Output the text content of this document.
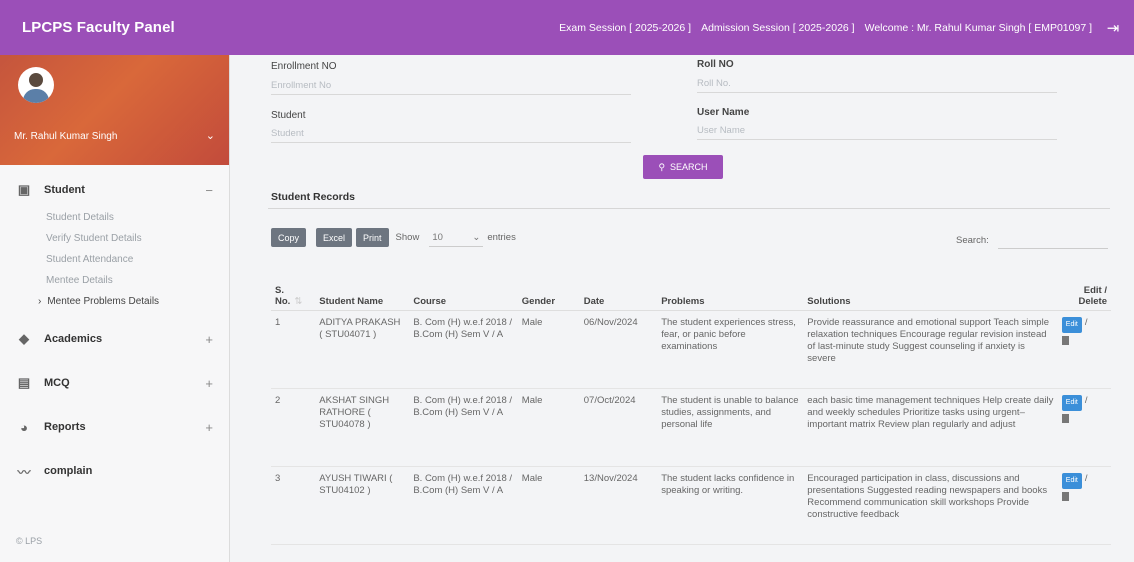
LPCPS Faculty Panel	Exam Session [ 2025-2026 ] Admission Session [ 2025-2026 ] Welcome : Mr. Rahul Kumar Singh [ EMP01097 ] ⇥
Mr. Rahul Kumar Singh	⌄
▣ Student	−
Student Details
Verify Student Details
Student Attendance
Mentee Details
› Mentee Problems Details
◆ Academics	+
▤ MCQ	+
◕	Reports	+
〰 complain
© LPS
Enrollment NO
Enrollment No
Roll NO
Roll No.
Student
Student
User Name
User Name
⚲ SEARCH
Student Records
Copy	Excel	Print	Show 10	⌄ entries	Search:
S. No. ⇅	Student Name	Course	Gender	Date	Problems	Solutions	Edit / Delete
1	ADITYA PRAKASH ( STU04071 )	B. Com (H) w.e.f 2018 / B.Com (H) Sem V / A	Male	06/Nov/2024	The student experiences stress, fear, or panic before examinations	Provide reassurance and emotional support Teach simple relaxation techniques Encourage regular revision instead of last-minute study Suggest counseling if anxiety is severe	Edit /

2	AKSHAT SINGH RATHORE ( STU04078 )	B. Com (H) w.e.f 2018 / B.Com (H) Sem V / A	Male	07/Oct/2024	The student is unable to balance studies, assignments, and personal life	each basic time management techniques Help create daily and weekly schedules Prioritize tasks using urgent–important matrix Review plan regularly and adjust	Edit /

3	AYUSH TIWARI ( STU04102 )	B. Com (H) w.e.f 2018 / B.Com (H) Sem V / A	Male	13/Nov/2024	The student lacks confidence in speaking or writing.	Encouraged participation in class, discussions and presentations Suggested reading newspapers and books Recommend communication skill workshops Provide constructive feedback	Edit /
